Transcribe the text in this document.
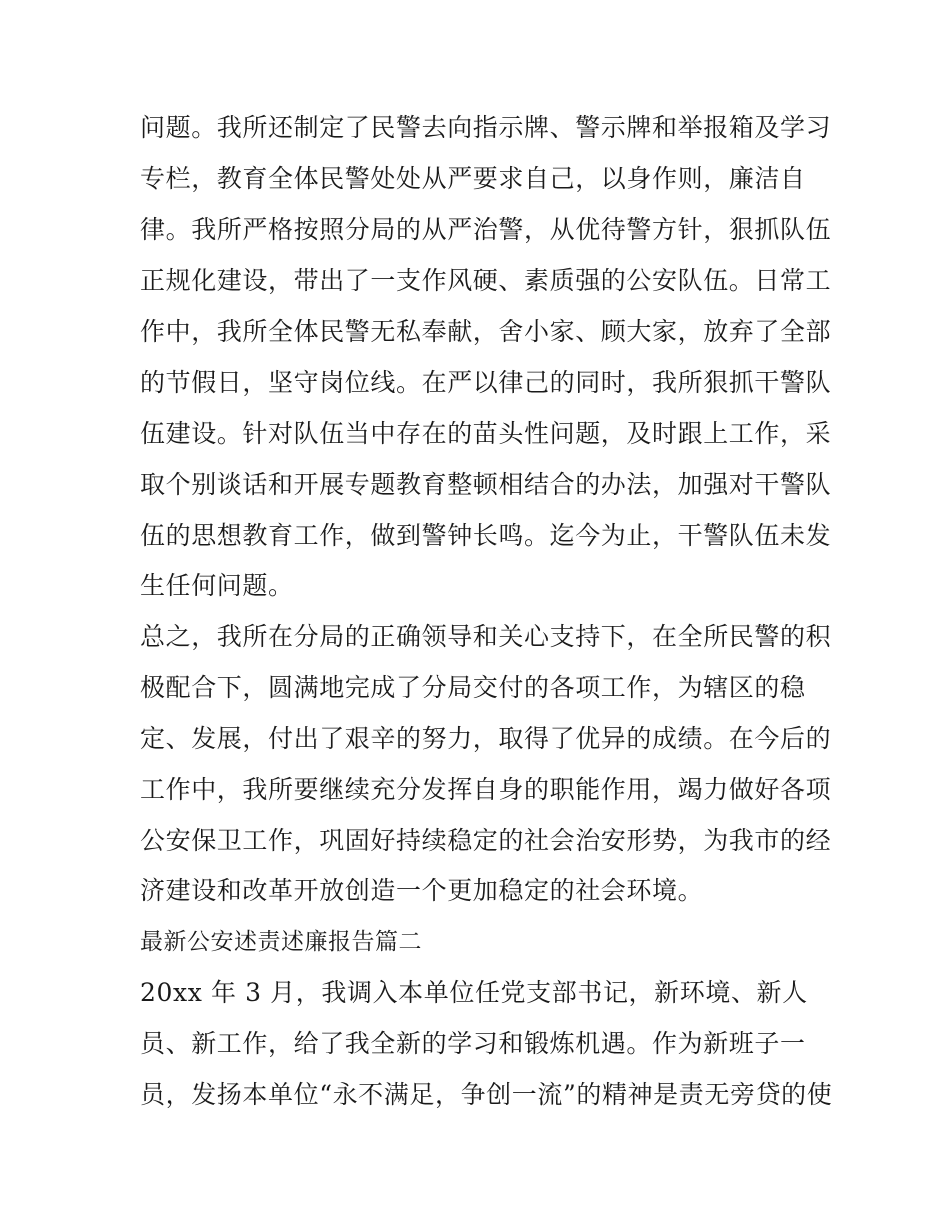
问题。我所还制定了民警去向指示牌、警示牌和举报箱及学习
专栏，教育全体民警处处从严要求自己，以身作则，廉洁自
律。我所严格按照分局的从严治警，从优待警方针，狠抓队伍
正规化建设，带出了一支作风硬、素质强的公安队伍。日常工
作中，我所全体民警无私奉献，舍小家、顾大家，放弃了全部
的节假日，坚守岗位线。在严以律己的同时，我所狠抓干警队
伍建设。针对队伍当中存在的苗头性问题，及时跟上工作，采
取个别谈话和开展专题教育整顿相结合的办法，加强对干警队
伍的思想教育工作，做到警钟长鸣。迄今为止，干警队伍未发
生任何问题。
总之，我所在分局的正确领导和关心支持下，在全所民警的积
极配合下，圆满地完成了分局交付的各项工作，为辖区的稳
定、发展，付出了艰辛的努力，取得了优异的成绩。在今后的
工作中，我所要继续充分发挥自身的职能作用，竭力做好各项
公安保卫工作，巩固好持续稳定的社会治安形势，为我市的经
济建设和改革开放创造一个更加稳定的社会环境。
最新公安述责述廉报告篇二
20xx 年 3 月，我调入本单位任党支部书记，新环境、新人
员、新工作，给了我全新的学习和锻炼机遇。作为新班子一
员，发扬本单位“永不满足，争创一流”的精神是责无旁贷的使
